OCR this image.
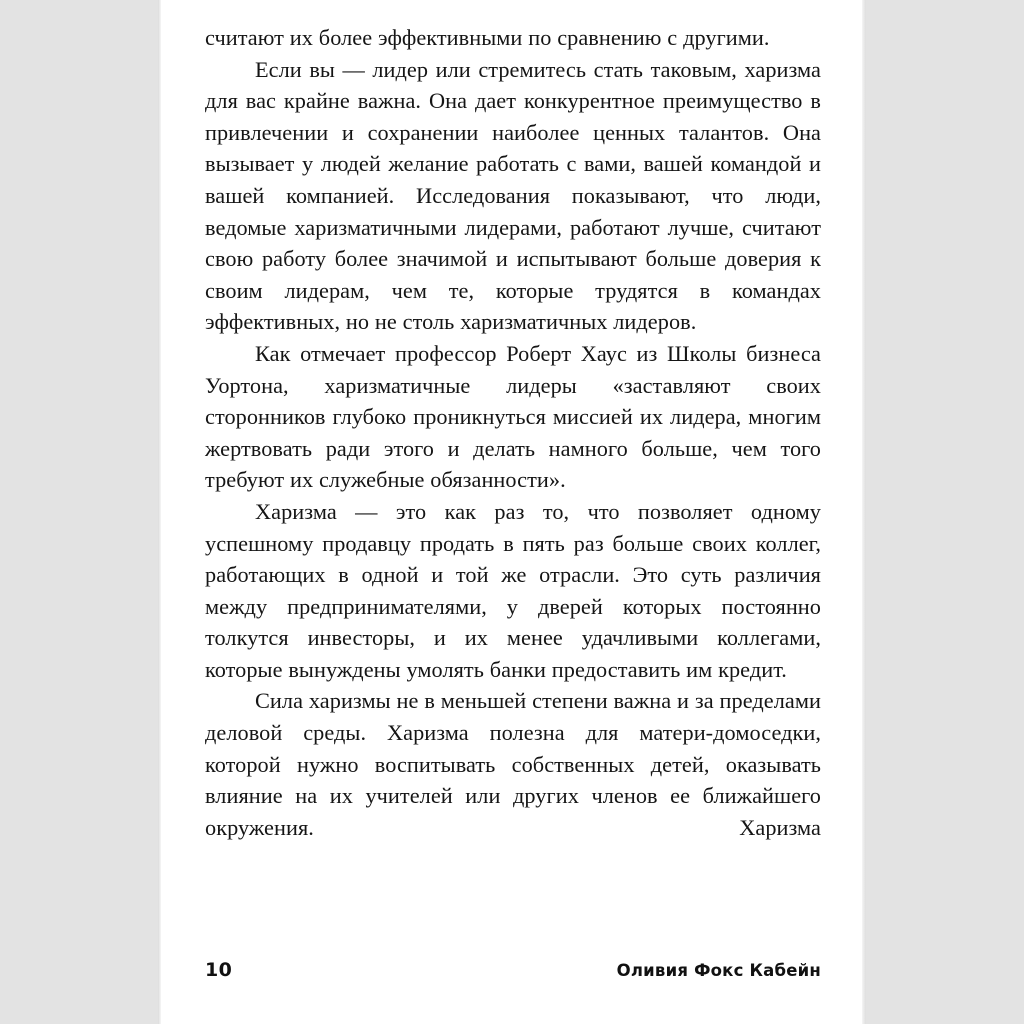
считают их более эффективными по сравнению с другими.

Если вы — лидер или стремитесь стать таковым, харизма для вас крайне важна. Она дает конкурентное преимущество в привлечении и сохранении наиболее ценных талантов. Она вызывает у людей желание работать с вами, вашей командой и вашей компанией. Исследования показывают, что люди, ведомые харизматичными лидерами, работают лучше, считают свою работу более значимой и испытывают больше доверия к своим лидерам, чем те, которые трудятся в командах эффективных, но не столь харизматичных лидеров.

Как отмечает профессор Роберт Хаус из Школы бизнеса Уортона, харизматичные лидеры «заставляют своих сторонников глубоко проникнуться миссией их лидера, многим жертвовать ради этого и делать намного больше, чем того требуют их служебные обязанности».

Харизма — это как раз то, что позволяет одному успешному продавцу продать в пять раз больше своих коллег, работающих в одной и той же отрасли. Это суть различия между предпринимателями, у дверей которых постоянно толкутся инвесторы, и их менее удачливыми коллегами, которые вынуждены умолять банки предоставить им кредит.

Сила харизмы не в меньшей степени важна и за пределами деловой среды. Харизма полезна для матери-домоседки, которой нужно воспитывать собственных детей, оказывать влияние на их учителей или других членов ее ближайшего окружения. Харизма

10	Оливия Фокс Кабейн
